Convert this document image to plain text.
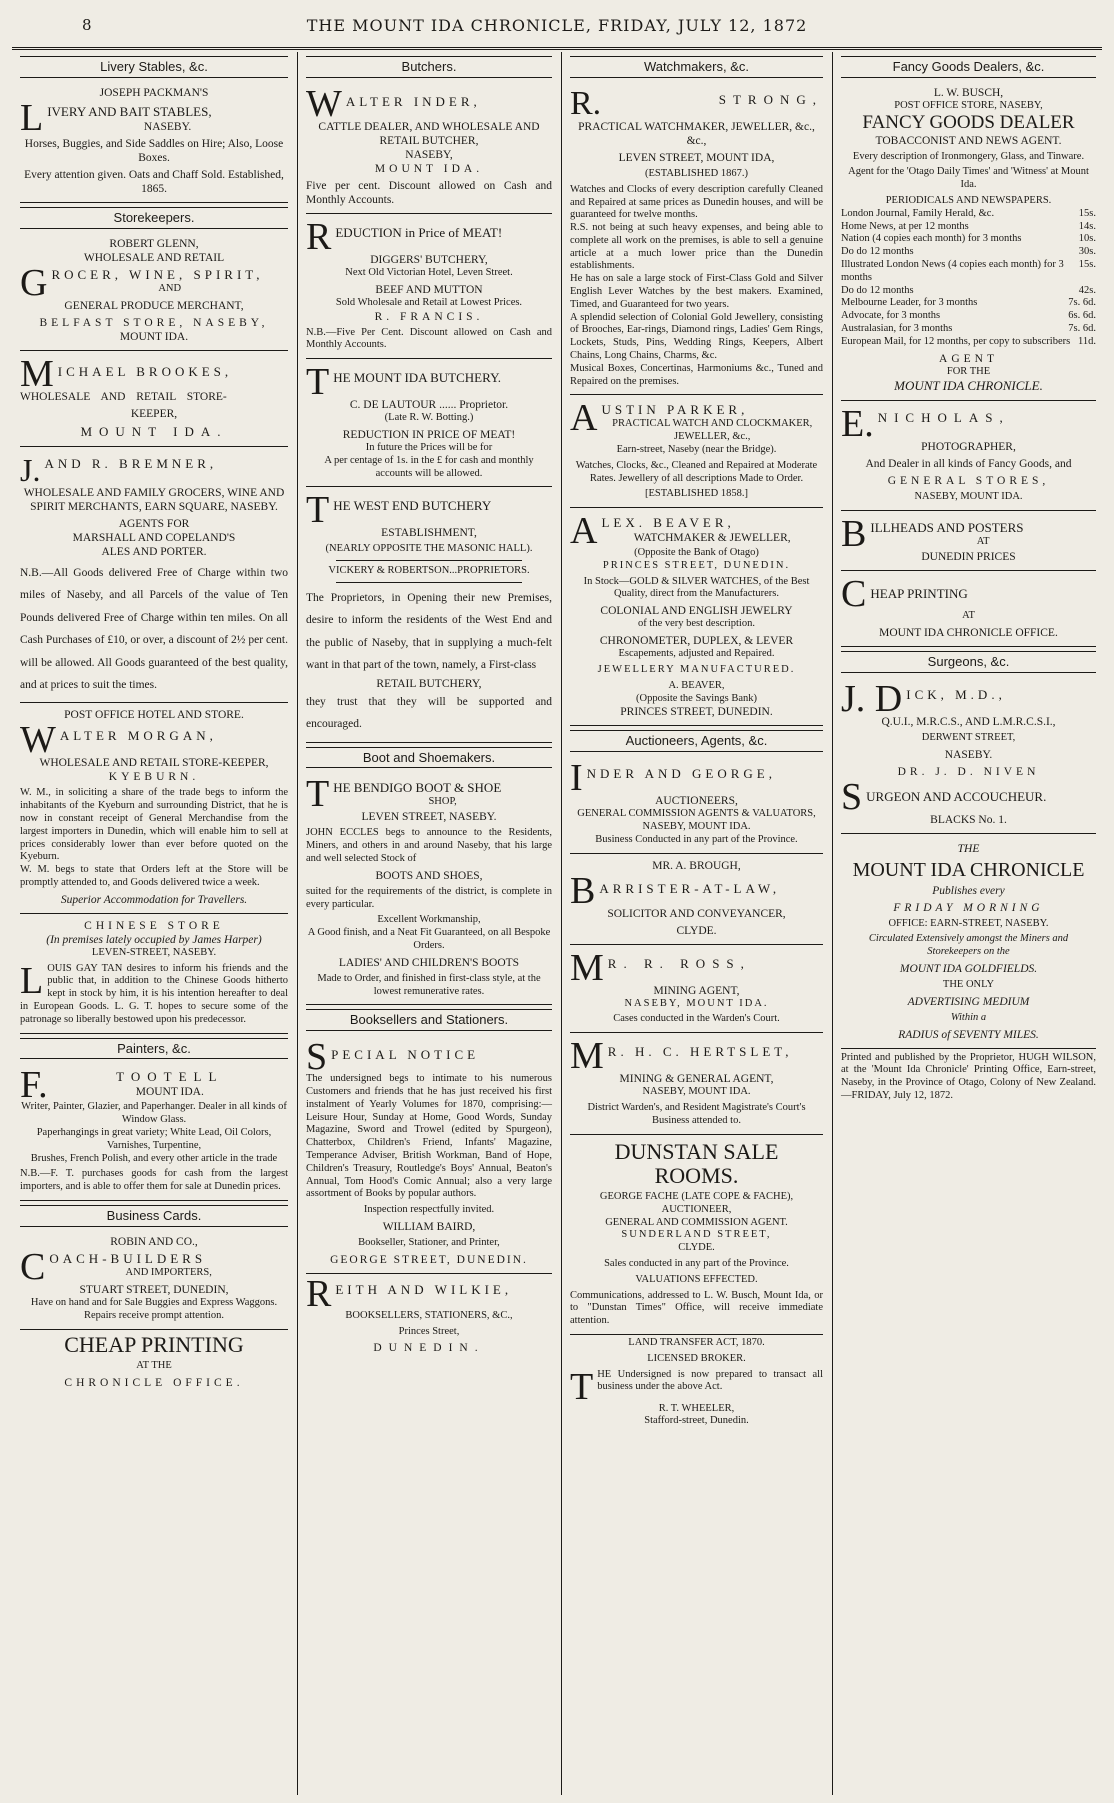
8	THE MOUNT IDA CHRONICLE, FRIDAY, JULY 12, 1872
Livery Stables, &c.
JOSEPH PACKMAN'S
L IVERY AND BAIT STABLES,
NASEBY.
Horses, Buggies, and Side Saddles on Hire; Also, Loose Boxes.
Every attention given. Oats and Chaff Sold. Established, 1865.
Storekeepers.
ROBERT GLENN,
WHOLESALE AND RETAIL
G ROCER, WINE, SPIRIT,
AND
GENERAL PRODUCE MERCHANT,
BELFAST STORE, NASEBY,
MOUNT IDA.
M ICHAEL BROOKES,
WHOLESALE AND RETAIL STORE-
KEEPER,
MOUNT IDA.
J. AND R. BREMNER,
WHOLESALE AND FAMILY GROCERS, WINE AND SPIRIT MERCHANTS, EARN SQUARE, NASEBY.
AGENTS FOR
MARSHALL AND COPELAND'S
ALES AND PORTER.
N.B.—All Goods delivered Free of Charge within two miles of Naseby, and all Parcels of the value of Ten Pounds delivered Free of Charge within ten miles. On all Cash Purchases of £10, or over, a discount of 2½ per cent. will be allowed. All Goods guaranteed of the best quality, and at prices to suit the times.
POST OFFICE HOTEL AND STORE.
W ALTER MORGAN,
WHOLESALE AND RETAIL STORE-KEEPER,
KYEBURN.
W. M., in soliciting a share of the trade begs to inform the inhabitants of the Kyeburn and surrounding District, that he is now in constant receipt of General Merchandise from the largest importers in Dunedin, which will enable him to sell at prices considerably lower than ever before quoted on the Kyeburn.
W. M. begs to state that Orders left at the Store will be promptly attended to, and Goods delivered twice a week.
Superior Accommodation for Travellers.
CHINESE STORE
(In premises lately occupied by James Harper)
LEVEN-STREET, NASEBY.
LOUIS GAY TAN desires to inform his friends and the public that, in addition to the Chinese Goods hitherto kept in stock by him, it is his intention hereafter to deal in European Goods. L. G. T. hopes to secure some of the patronage so liberally bestowed upon his predecessor.
Painters, &c.
F.	TOOTELL
MOUNT IDA.
Writer, Painter, Glazier, and Paperhanger. Dealer in all kinds of Window Glass.
Paperhangings in great variety; White Lead, Oil Colors, Varnishes, Turpentine,
Brushes, French Polish, and every other article in the trade
N.B.—F. T. purchases goods for cash from the largest importers, and is able to offer them for sale at Dunedin prices.
Business Cards.
ROBIN AND CO.,
C OACH-BUILDERS
AND IMPORTERS,
STUART STREET, DUNEDIN,
Have on hand and for Sale Buggies and Express Waggons.
Repairs receive prompt attention.
CHEAP PRINTING
AT THE
CHRONICLE OFFICE.
Butchers.
W ALTER INDER,
CATTLE DEALER, AND WHOLESALE AND RETAIL BUTCHER,
NASEBY,
MOUNT IDA.
Five per cent. Discount allowed on Cash and Monthly Accounts.
R EDUCTION in Price of MEAT!
DIGGERS' BUTCHERY,
Next Old Victorian Hotel, Leven Street.
BEEF AND MUTTON
Sold Wholesale and Retail at Lowest Prices.
R. FRANCIS.
N.B.—Five Per Cent. Discount allowed on Cash and Monthly Accounts.
T HE MOUNT IDA BUTCHERY.
C. DE LAUTOUR ...... Proprietor.
(Late R. W. Botting.)
REDUCTION IN PRICE OF MEAT!
In future the Prices will be for
A per centage of 1s. in the £ for cash and monthly accounts will be allowed.
T HE WEST END BUTCHERY
ESTABLISHMENT,
(NEARLY OPPOSITE THE MASONIC HALL).
VICKERY & ROBERTSON...PROPRIETORS.
The Proprietors, in Opening their new Premises, desire to inform the residents of the West End and the public of Naseby, that in supplying a much-felt want in that part of the town, namely, a First-class
RETAIL BUTCHERY,
they trust that they will be supported and encouraged.
Boot and Shoemakers.
T HE BENDIGO BOOT & SHOE
SHOP,
LEVEN STREET, NASEBY.
JOHN ECCLES begs to announce to the Residents, Miners, and others in and around Naseby, that his large and well selected Stock of
BOOTS AND SHOES,
suited for the requirements of the district, is complete in every particular.
Excellent Workmanship,
A Good finish, and a Neat Fit Guaranteed, on all Bespoke Orders.
LADIES' AND CHILDREN'S BOOTS
Made to Order, and finished in first-class style, at the lowest remunerative rates.
Booksellers and Stationers.
S PECIAL NOTICE
The undersigned begs to intimate to his numerous Customers and friends that he has just received his first instalment of Yearly Volumes for 1870, comprising:—Leisure Hour, Sunday at Home, Good Words, Sunday Magazine, Sword and Trowel (edited by Spurgeon), Chatterbox, Children's Friend, Infants' Magazine, Temperance Adviser, British Workman, Band of Hope, Children's Treasury, Routledge's Boys' Annual, Beaton's Annual, Tom Hood's Comic Annual; also a very large assortment of Books by popular authors.
Inspection respectfully invited.
WILLIAM BAIRD,
Bookseller, Stationer, and Printer,
GEORGE STREET, DUNEDIN.
R EITH AND WILKIE,
BOOKSELLERS, STATIONERS, &C.,
Princes Street,
DUNEDIN.
Watchmakers, &c.
R.	STRONG,
PRACTICAL WATCHMAKER, JEWELLER, &c., &c.,
LEVEN STREET, MOUNT IDA,
(ESTABLISHED 1867.)
Watches and Clocks of every description carefully Cleaned and Repaired at same prices as Dunedin houses, and will be guaranteed for twelve months.
R.S. not being at such heavy expenses, and being able to complete all work on the premises, is able to sell a genuine article at a much lower price than the Dunedin establishments.
He has on sale a large stock of First-Class Gold and Silver English Lever Watches by the best makers. Examined, Timed, and Guaranteed for two years.
A splendid selection of Colonial Gold Jewellery, consisting of Brooches, Ear-rings, Diamond rings, Ladies' Gem Rings, Lockets, Studs, Pins, Wedding Rings, Keepers, Albert Chains, Long Chains, Charms, &c.
Musical Boxes, Concertinas, Harmoniums &c., Tuned and Repaired on the premises.
A USTIN PARKER,
PRACTICAL WATCH AND CLOCKMAKER, JEWELLER, &c.,
Earn-street, Naseby (near the Bridge).
Watches, Clocks, &c., Cleaned and Repaired at Moderate Rates. Jewellery of all descriptions Made to Order.
[ESTABLISHED 1858.]
A LEX. BEAVER,
WATCHMAKER & JEWELLER,
(Opposite the Bank of Otago)
PRINCES STREET, DUNEDIN.
In Stock—GOLD & SILVER WATCHES, of the Best Quality, direct from the Manufacturers.
COLONIAL AND ENGLISH JEWELRY
of the very best description.
CHRONOMETER, DUPLEX, & LEVER
Escapements, adjusted and Repaired.
JEWELLERY MANUFACTURED.
A. BEAVER,
(Opposite the Savings Bank)
PRINCES STREET, DUNEDIN.
Auctioneers, Agents, &c.
I NDER AND GEORGE,
AUCTIONEERS,
GENERAL COMMISSION AGENTS & VALUATORS, NASEBY, MOUNT IDA.
Business Conducted in any part of the Province.
MR. A. BROUGH,
B ARRISTER-AT-LAW,
SOLICITOR AND CONVEYANCER,
CLYDE.
M R. R. ROSS,
MINING AGENT,
NASEBY, MOUNT IDA.
Cases conducted in the Warden's Court.
M R. H. C. HERTSLET,
MINING & GENERAL AGENT,
NASEBY, MOUNT IDA.
District Warden's, and Resident Magistrate's Court's Business attended to.
DUNSTAN SALE ROOMS.
GEORGE FACHE (LATE COPE & FACHE),
AUCTIONEER,
GENERAL AND COMMISSION AGENT.
SUNDERLAND STREET,
CLYDE.
Sales conducted in any part of the Province.
VALUATIONS EFFECTED.
Communications, addressed to L. W. Busch, Mount Ida, or to "Dunstan Times" Office, will receive immediate attention.
LAND TRANSFER ACT, 1870.
LICENSED BROKER.
THE Undersigned is now prepared to transact all business under the above Act.
R. T. WHEELER,
Stafford-street, Dunedin.
Fancy Goods Dealers, &c.
L. W. BUSCH,
POST OFFICE STORE, NASEBY,
FANCY GOODS DEALER
TOBACCONIST AND NEWS AGENT.
Every description of Ironmongery, Glass, and Tinware.
Agent for the 'Otago Daily Times' and 'Witness' at Mount Ida.
PERIODICALS AND NEWSPAPERS.
London Journal, Family Herald, &c.	15s.
Home News, at per 12 months	14s.
Nation (4 copies each month) for 3 months	10s.
Do do 12 months	30s.
Illustrated London News (4 copies each month) for 3 months
15s.
Do do 12 months	42s.
Melbourne Leader, for 3 months	7s. 6d.
Advocate, for 3 months	6s. 6d.
Australasian, for 3 months	7s. 6d.
European Mail, for 12 months, per copy to subscribers 11d.
AGENT
FOR THE
MOUNT IDA CHRONICLE.
E. NICHOLAS,
PHOTOGRAPHER,
And Dealer in all kinds of Fancy Goods, and
GENERAL STORES,
NASEBY, MOUNT IDA.
B ILLHEADS AND POSTERS
AT
DUNEDIN PRICES
C HEAP PRINTING
AT
MOUNT IDA CHRONICLE OFFICE.
Surgeons, &c.
J. D ICK, M.D.,
Q.U.I., M.R.C.S., AND L.M.R.C.S.I.,
DERWENT STREET,
NASEBY.
DR. J. D. NIVEN
S URGEON AND ACCOUCHEUR.
BLACKS No. 1.
THE
MOUNT IDA CHRONICLE
Publishes every
FRIDAY MORNING
OFFICE: EARN-STREET, NASEBY.
Circulated Extensively amongst the Miners and Storekeepers on the
MOUNT IDA GOLDFIELDS.
THE ONLY
ADVERTISING MEDIUM
Within a
RADIUS of SEVENTY MILES.
Printed and published by the Proprietor, HUGH WILSON, at the 'Mount Ida Chronicle' Printing Office, Earn-street, Naseby, in the Province of Otago, Colony of New Zealand.—FRIDAY, July 12, 1872.
